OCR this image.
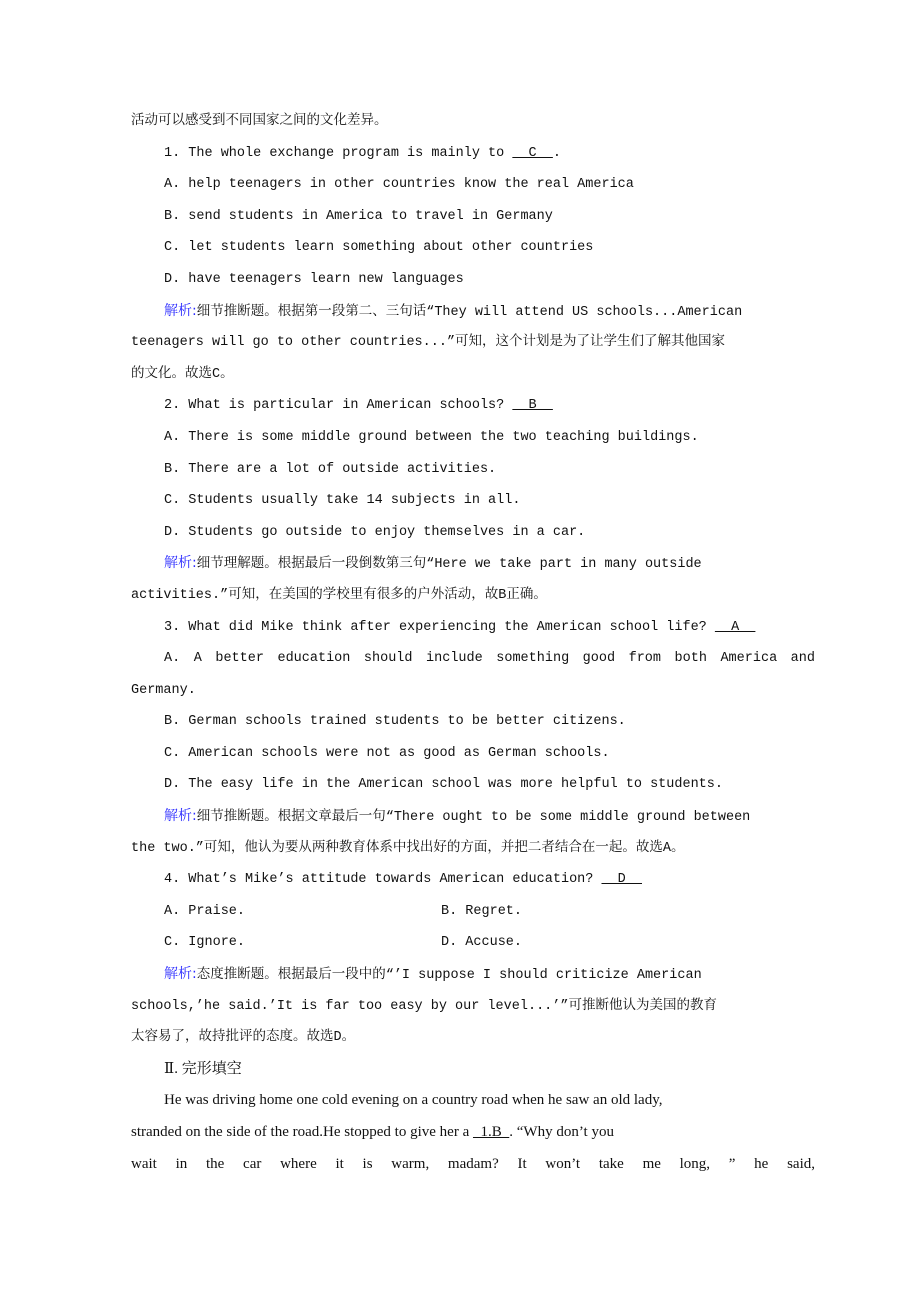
活动可以感受到不同国家之间的文化差异。
1. The whole exchange program is mainly to   C  .
A. help teenagers in other countries know the real America
B. send students in America to travel in Germany
C. let students learn something about other countries
D. have teenagers learn new languages
解析:细节推断题。根据第一段第二、三句话“They will attend US schools...American
teenagers will go to other countries...”可知，这个计划是为了让学生们了解其他国家
的文化。故选C。
2. What is particular in American schools?   B
A. There is some middle ground between the two teaching buildings.
B. There are a lot of outside activities.
C. Students usually take 14 subjects in all.
D. Students go outside to enjoy themselves in a car.
解析:细节理解题。根据最后一段倒数第三句“Here we take part in many outside
activities.”可知，在美国的学校里有很多的户外活动，故B正确。
3. What did Mike think after experiencing the American school life?   A
A. A better education should include something good from both America and
Germany.
B. German schools trained students to be better citizens.
C. American schools were not as good as German schools.
D. The easy life in the American school was more helpful to students.
解析:细节推断题。根据文章最后一句“There ought to be some middle ground between
the two.”可知，他认为要从两种教育体系中找出好的方面，并把二者结合在一起。故选A。
4. What’s Mike’s attitude towards American education?   D
A. Praise.	B. Regret.
C. Ignore.	D. Accuse.
解析:态度推断题。根据最后一段中的“’I suppose I should criticize American
schools,’he said.’It is far too easy by our level...’”可推断他认为美国的教育
太容易了，故持批评的态度。故选D。
Ⅱ. 完形填空
He was driving home one cold evening on a country road when he saw an old lady,
stranded on the side of the road.He stopped to give her a   1.B  . “Why don’t you
wait in the car where it is warm, madam? It won’t take me long, ” he said,
